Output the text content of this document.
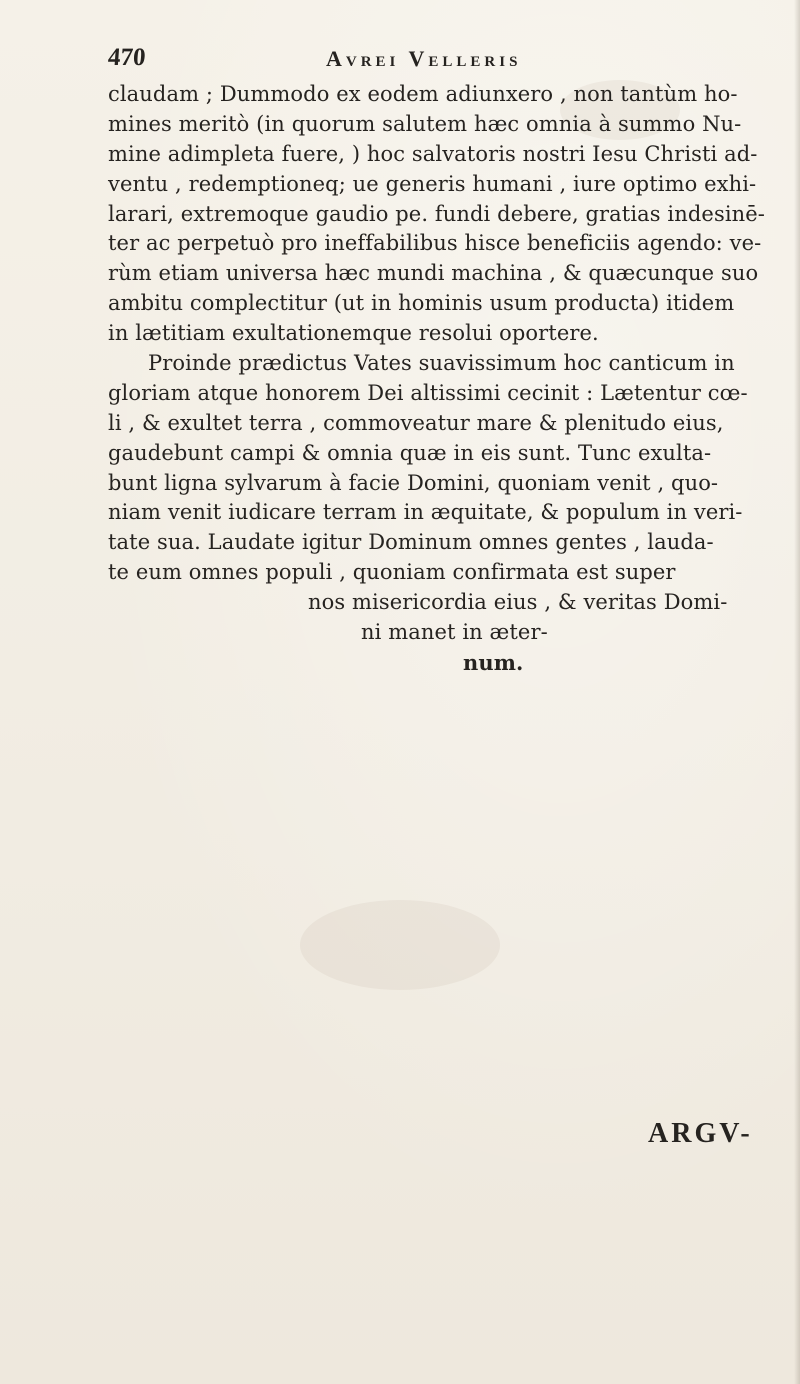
470	Avrei Velleris
claudam ; Dummodo ex eodem adiunxero , non tantùm ho-
mines meritò (in quorum salutem hæc omnia à summo Nu-
mine adimpleta fuere, ) hoc salvatoris nostri Iesu Christi ad-
ventu , redemptioneq; ue generis humani , iure optimo exhi-
larari, extremoque gaudio pe. fundi debere, gratias indesinē-
ter ac perpetuò pro ineffabilibus hisce beneficiis agendo: ve-
rùm etiam universa hæc mundi machina , & quæcunque suo
ambitu complectitur (ut in hominis usum producta) itidem
in lætitiam exultationemque resolui oportere.
Proinde prædictus Vates suavissimum hoc canticum in
gloriam atque honorem Dei altissimi cecinit : Lætentur cœ-
li , & exultet terra , commoveatur mare & plenitudo eius,
gaudebunt campi & omnia quæ in eis sunt. Tunc exulta-
bunt ligna sylvarum à facie Domini, quoniam venit , quo-
niam venit iudicare terram in æquitate, & populum in veri-
tate sua. Laudate igitur Dominum omnes gentes , lauda-
te eum omnes populi , quoniam confirmata est super
nos misericordia eius , & veritas Domi-
ni manet in æter-
num.
ARGV-
